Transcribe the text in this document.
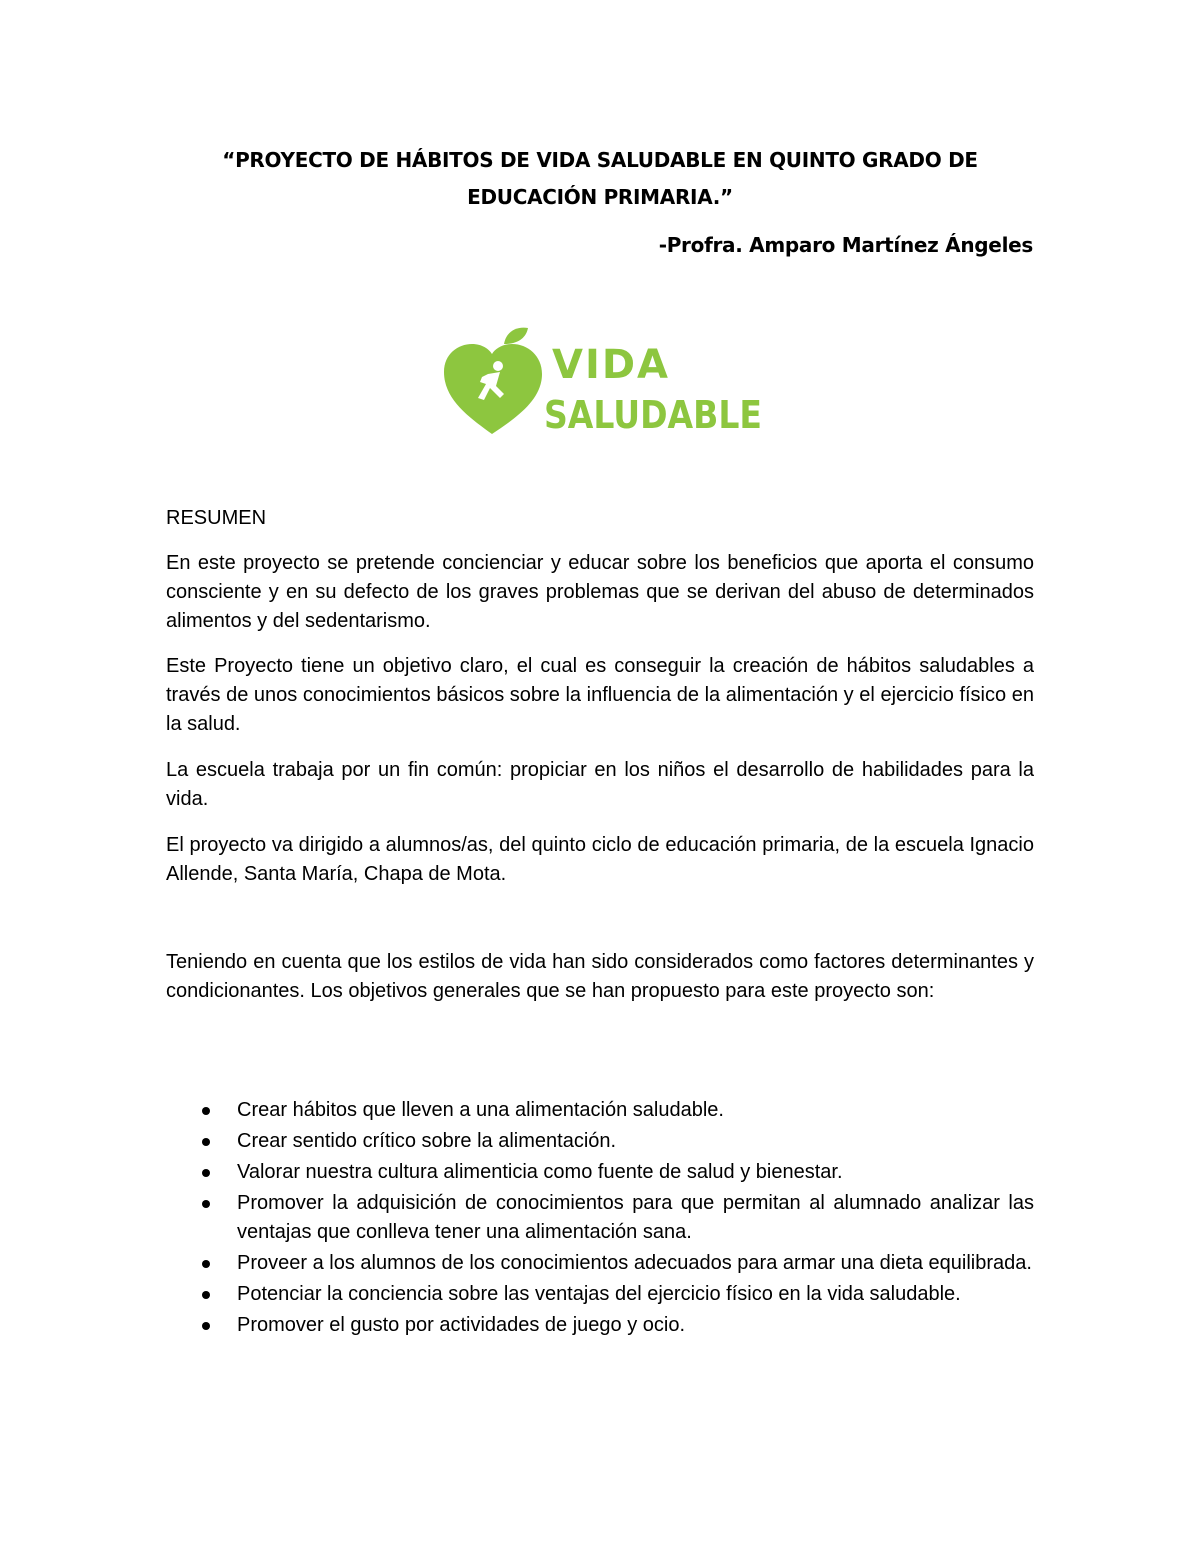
“PROYECTO DE HÁBITOS DE VIDA SALUDABLE EN QUINTO GRADO DE
EDUCACIÓN PRIMARIA.”
-Profra. Amparo Martínez Ángeles
VIDA
SALUDABLE
RESUMEN

En este proyecto se pretende concienciar y educar sobre los beneficios que aporta el consumo consciente y en su defecto de los graves problemas que se derivan del abuso de determinados alimentos y del sedentarismo.

Este Proyecto tiene un objetivo claro, el cual es conseguir la creación de hábitos saludables a través de unos conocimientos básicos sobre la influencia de la alimentación y el ejercicio físico en la salud.

La escuela trabaja por un fin común: propiciar en los niños el desarrollo de habilidades para la vida.

El proyecto va dirigido a alumnos/as, del quinto ciclo de educación primaria, de la escuela Ignacio Allende, Santa María, Chapa de Mota.

Teniendo en cuenta que los estilos de vida han sido considerados como factores determinantes y condicionantes. Los objetivos generales que se han propuesto para este proyecto son:

Crear hábitos que lleven a una alimentación saludable.
Crear sentido crítico sobre la alimentación.
Valorar nuestra cultura alimenticia como fuente de salud y bienestar.
Promover la adquisición de conocimientos para que permitan al alumnado analizar las ventajas que conlleva tener una alimentación sana.
Proveer a los alumnos de los conocimientos adecuados para armar una dieta equilibrada.
Potenciar la conciencia sobre las ventajas del ejercicio físico en la vida saludable.
Promover el gusto por actividades de juego y ocio.
